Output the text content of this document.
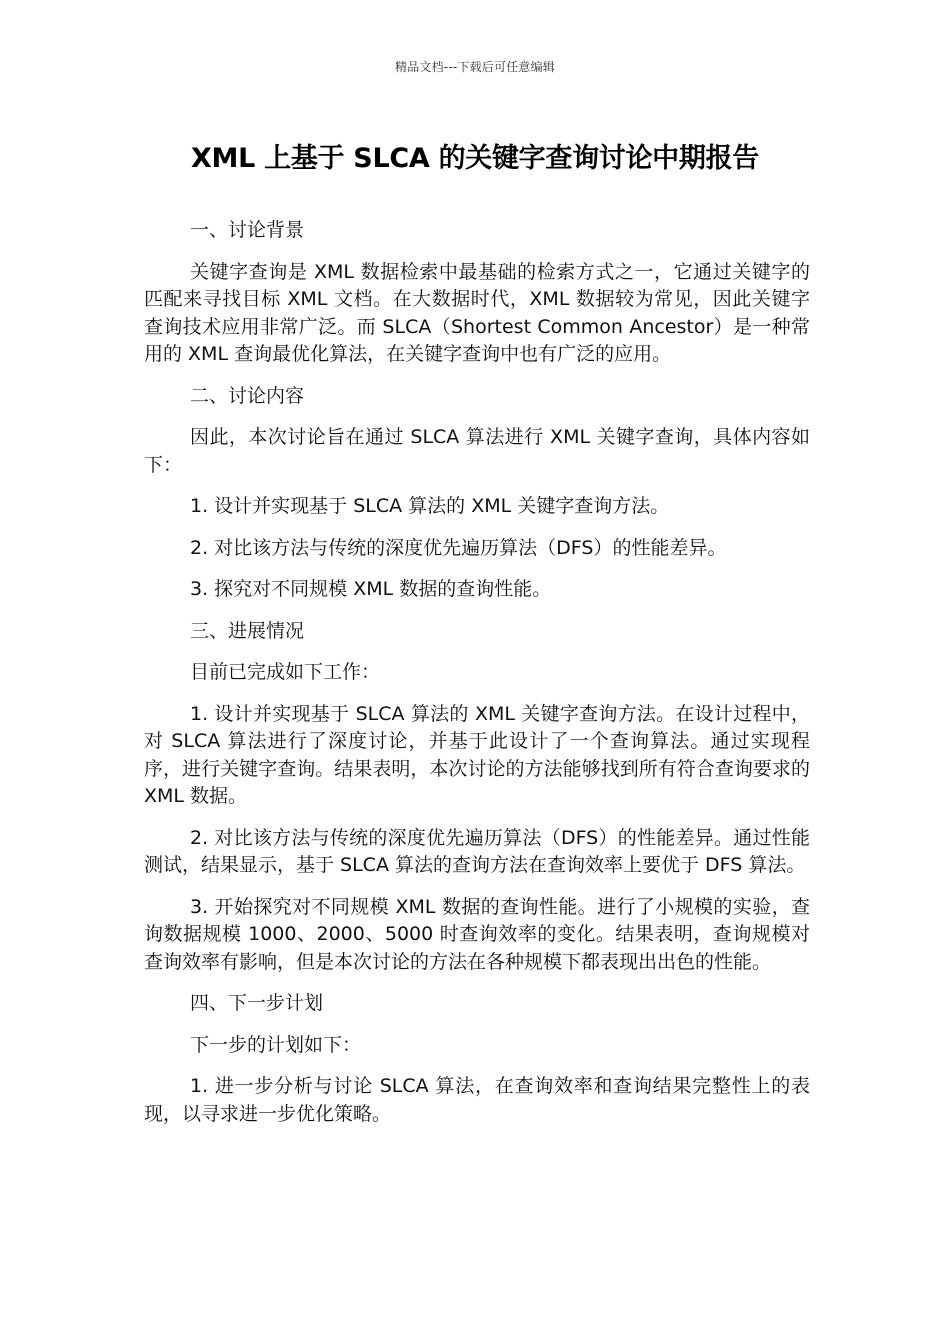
精品文档---下载后可任意编辑
XML 上基于 SLCA 的关键字查询讨论中期报告

一、讨论背景

关键字查询是 XML 数据检索中最基础的检索方式之一，它通过关键字的匹配来寻找目标 XML 文档。在大数据时代，XML 数据较为常见，因此关键字查询技术应用非常广泛。而 SLCA（Shortest Common Ancestor）是一种常用的 XML 查询最优化算法，在关键字查询中也有广泛的应用。

二、讨论内容

因此，本次讨论旨在通过 SLCA 算法进行 XML 关键字查询，具体内容如下：

1. 设计并实现基于 SLCA 算法的 XML 关键字查询方法。

2. 对比该方法与传统的深度优先遍历算法（DFS）的性能差异。

3. 探究对不同规模 XML 数据的查询性能。

三、进展情况

目前已完成如下工作：

1. 设计并实现基于 SLCA 算法的 XML 关键字查询方法。在设计过程中，对 SLCA 算法进行了深度讨论，并基于此设计了一个查询算法。通过实现程序，进行关键字查询。结果表明，本次讨论的方法能够找到所有符合查询要求的 XML 数据。

2. 对比该方法与传统的深度优先遍历算法（DFS）的性能差异。通过性能测试，结果显示，基于 SLCA 算法的查询方法在查询效率上要优于 DFS 算法。

3. 开始探究对不同规模 XML 数据的查询性能。进行了小规模的实验，查询数据规模 1000、2000、5000 时查询效率的变化。结果表明，查询规模对查询效率有影响，但是本次讨论的方法在各种规模下都表现出出色的性能。

四、下一步计划

下一步的计划如下：

1. 进一步分析与讨论 SLCA 算法，在查询效率和查询结果完整性上的表现，以寻求进一步优化策略。
